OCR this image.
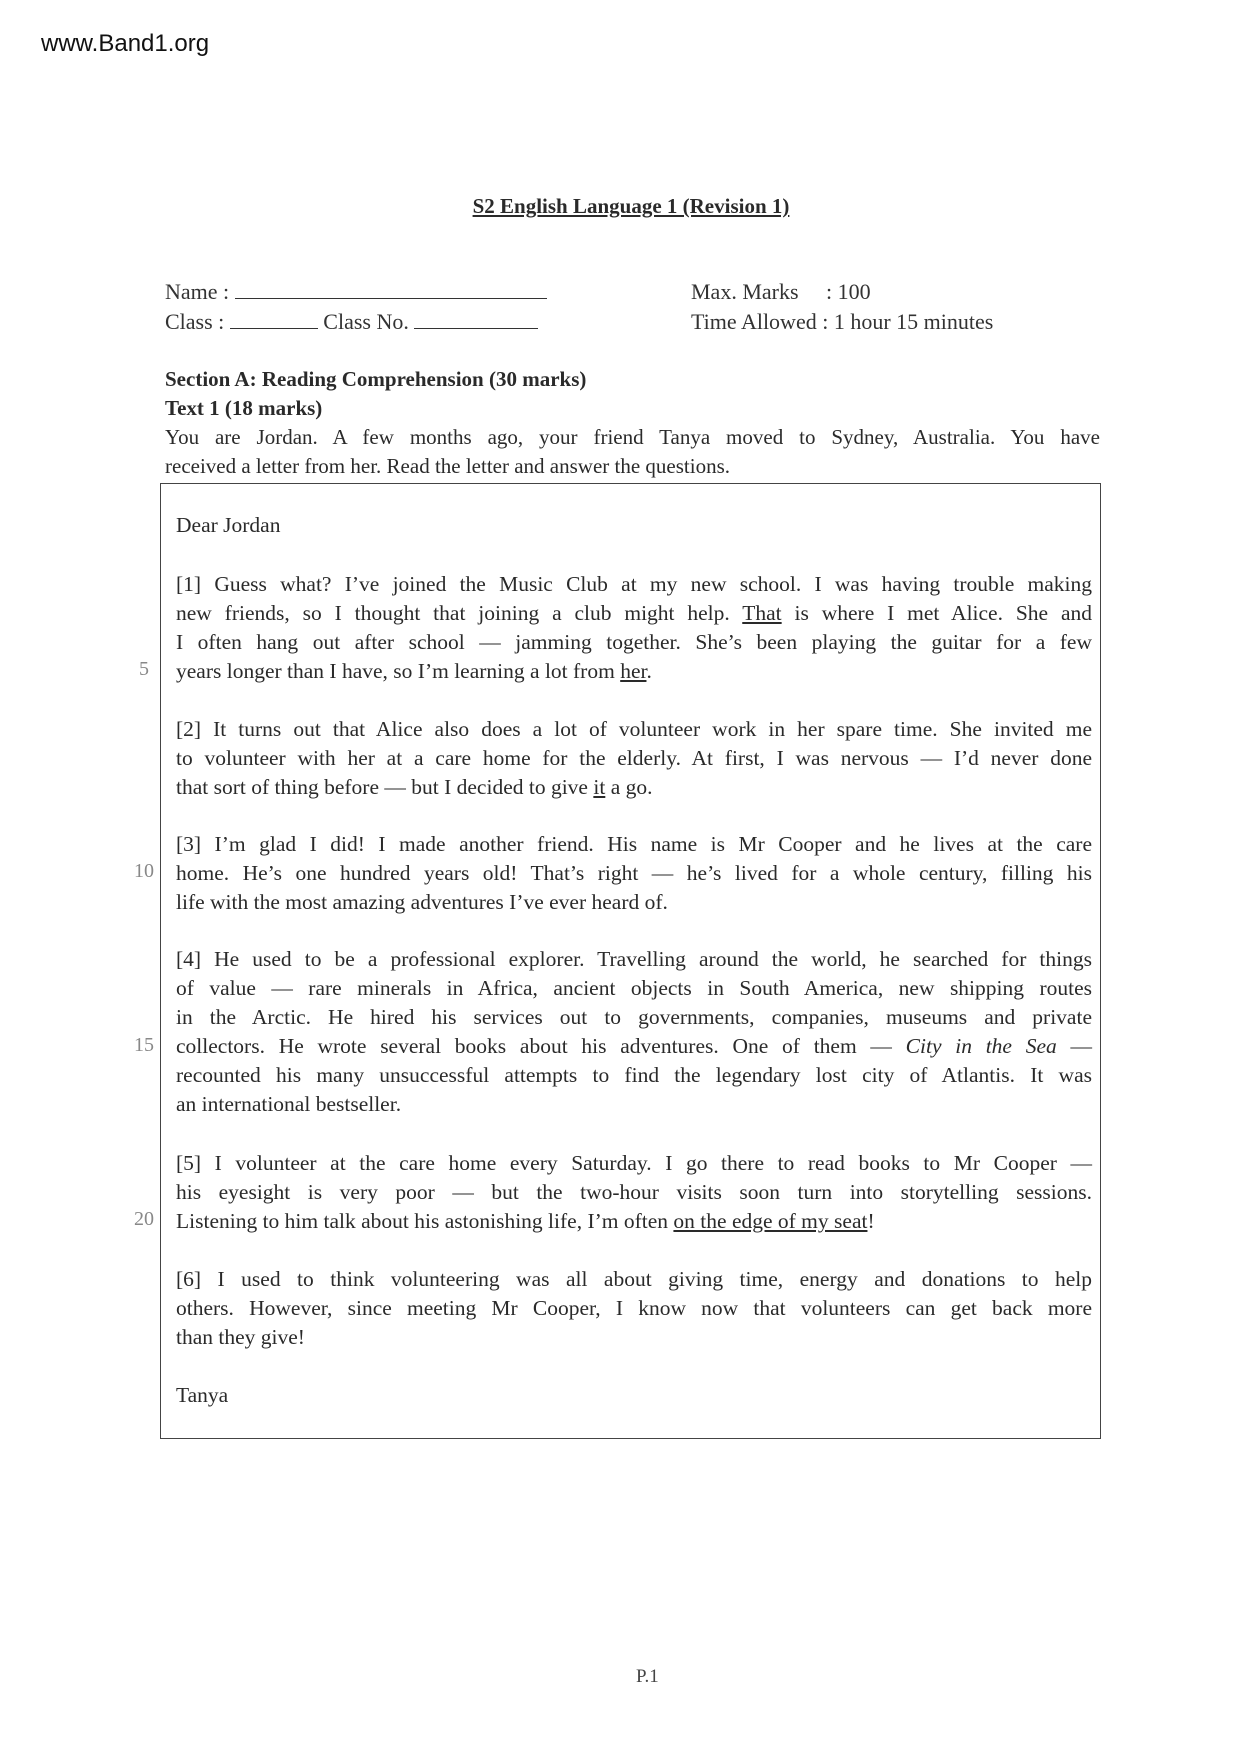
www.Band1.org
S2 English Language 1 (Revision 1)
Name :
Class :	Class No.
Max. Marks : 100
Time Allowed : 1 hour 15 minutes
Section A: Reading Comprehension (30 marks)
Text 1 (18 marks)
You are Jordan. A few months ago, your friend Tanya moved to Sydney, Australia. You have
received a letter from her. Read the letter and answer the questions.
Dear Jordan
[1] Guess what? I’ve joined the Music Club at my new school. I was having trouble making
new friends, so I thought that joining a club might help. That is where I met Alice. She and
I often hang out after school — jamming together. She’s been playing the guitar for a few
years longer than I have, so I’m learning a lot from her.
[2] It turns out that Alice also does a lot of volunteer work in her spare time. She invited me
to volunteer with her at a care home for the elderly. At first, I was nervous — I’d never done
that sort of thing before — but I decided to give it a go.
[3] I’m glad I did! I made another friend. His name is Mr Cooper and he lives at the care
home. He’s one hundred years old! That’s right — he’s lived for a whole century, filling his
life with the most amazing adventures I’ve ever heard of.
[4] He used to be a professional explorer. Travelling around the world, he searched for things
of value — rare minerals in Africa, ancient objects in South America, new shipping routes
in the Arctic. He hired his services out to governments, companies, museums and private
collectors. He wrote several books about his adventures. One of them — City in the Sea —
recounted his many unsuccessful attempts to find the legendary lost city of Atlantis. It was
an international bestseller.
[5] I volunteer at the care home every Saturday. I go there to read books to Mr Cooper —
his eyesight is very poor — but the two-hour visits soon turn into storytelling sessions.
Listening to him talk about his astonishing life, I’m often on the edge of my seat!
[6] I used to think volunteering was all about giving time, energy and donations to help
others. However, since meeting Mr Cooper, I know now that volunteers can get back more
than they give!
Tanya
5
10
15
20
P.1
